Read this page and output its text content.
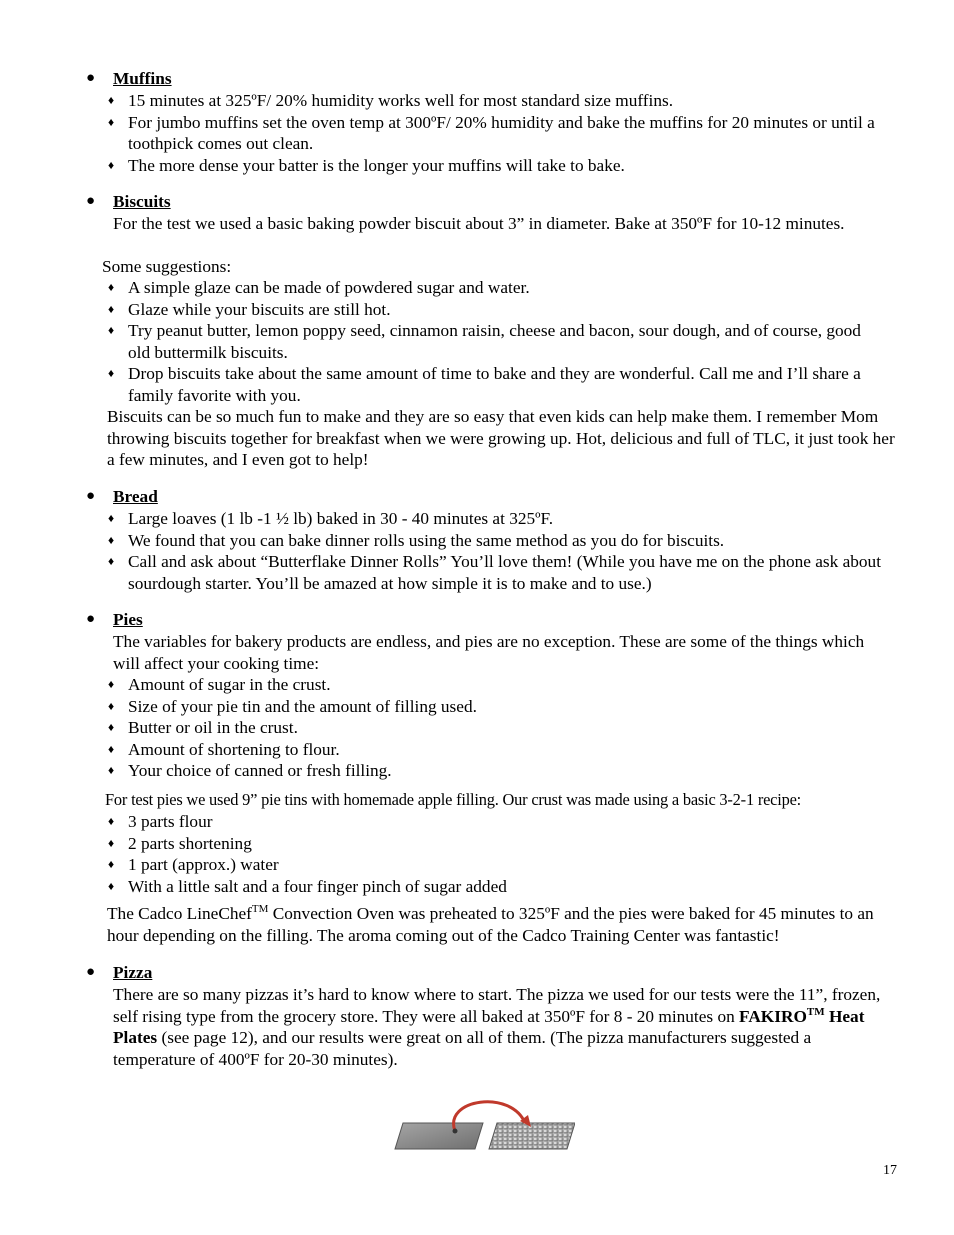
● Muffins
♦ 15 minutes at 325ºF/ 20% humidity works well for most standard size muffins.
♦ For jumbo muffins set the oven temp at 300ºF/ 20% humidity and bake the muffins for 20 minutes or until a toothpick comes out clean.
♦ The more dense your batter is the longer your muffins will take to bake.
● Biscuits
For the test we used a basic baking powder biscuit about 3” in diameter. Bake at 350ºF for 10-12 minutes.
Some suggestions:
♦ A simple glaze can be made of powdered sugar and water.
♦ Glaze while your biscuits are still hot.
♦ Try peanut butter, lemon poppy seed, cinnamon raisin, cheese and bacon, sour dough, and of course, good old buttermilk biscuits.
♦ Drop biscuits take about the same amount of time to bake and they are wonderful. Call me and I’ll share a family favorite with you.
Biscuits can be so much fun to make and they are so easy that even kids can help make them. I remember Mom throwing biscuits together for breakfast when we were growing up. Hot, delicious and full of TLC, it just took her a few minutes, and I even got to help!
● Bread
♦ Large loaves (1 lb -1 ½ lb) baked in 30 - 40 minutes at 325ºF.
♦ We found that you can bake dinner rolls using the same method as you do for biscuits.
♦ Call and ask about “Butterflake Dinner Rolls” You’ll love them! (While you have me on the phone ask about sourdough starter. You’ll be amazed at how simple it is to make and to use.)
● Pies
The variables for bakery products are endless, and pies are no exception. These are some of the things which will affect your cooking time:
♦ Amount of sugar in the crust.
♦ Size of your pie tin and the amount of filling used.
♦ Butter or oil in the crust.
♦ Amount of shortening to flour.
♦ Your choice of canned or fresh filling.
For test pies we used 9” pie tins with homemade apple filling. Our crust was made using a basic 3-2-1 recipe:
♦ 3 parts flour
♦ 2 parts shortening
♦ 1 part (approx.) water
♦ With a little salt and a four finger pinch of sugar added
The Cadco LineChef™ Convection Oven was preheated to 325ºF and the pies were baked for 45 minutes to an hour depending on the filling. The aroma coming out of the Cadco Training Center was fantastic!
● Pizza
There are so many pizzas it’s hard to know where to start. The pizza we used for our tests were the 11”, frozen, self rising type from the grocery store. They were all baked at 350ºF for 8 - 20 minutes on FAKIRO™ Heat Plates (see page 12), and our results were great on all of them. (The pizza manufacturers suggested a temperature of 400ºF for 20-30 minutes).
17
